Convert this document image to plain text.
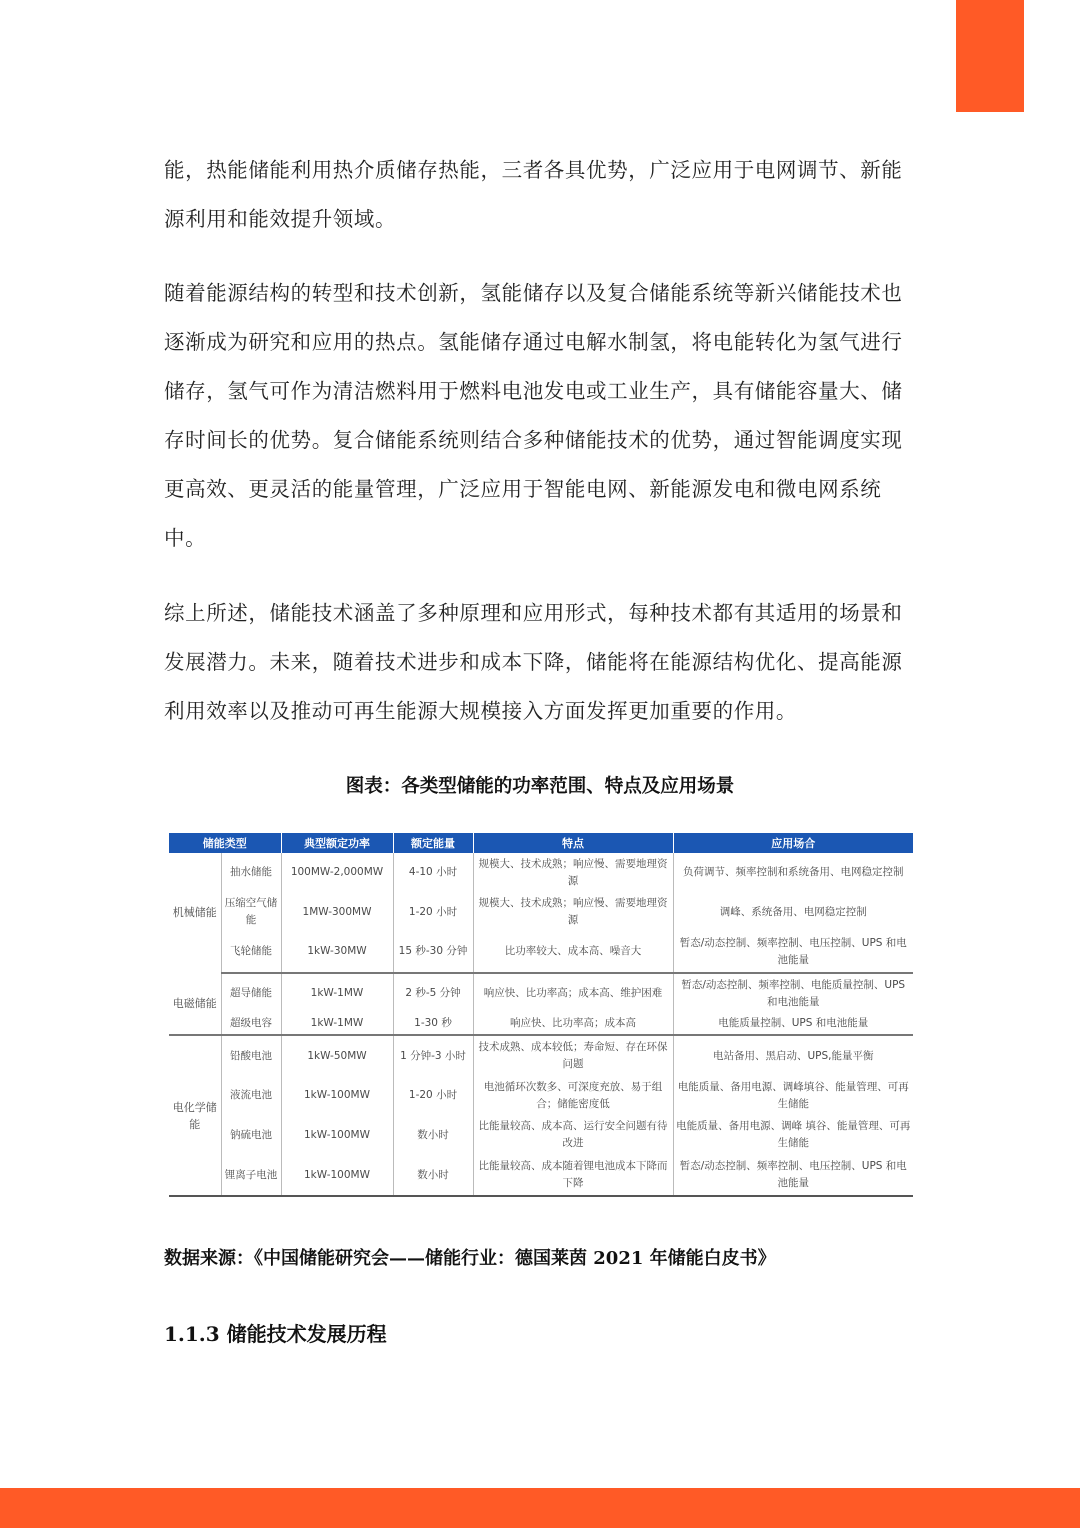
能，热能储能利用热介质储存热能，三者各具优势，广泛应用于电网调节、新能源利用和能效提升领域。

随着能源结构的转型和技术创新，氢能储存以及复合储能系统等新兴储能技术也逐渐成为研究和应用的热点。氢能储存通过电解水制氢，将电能转化为氢气进行储存，氢气可作为清洁燃料用于燃料电池发电或工业生产，具有储能容量大、储存时间长的优势。复合储能系统则结合多种储能技术的优势，通过智能调度实现更高效、更灵活的能量管理，广泛应用于智能电网、新能源发电和微电网系统中。

综上所述，储能技术涵盖了多种原理和应用形式，每种技术都有其适用的场景和发展潜力。未来，随着技术进步和成本下降，储能将在能源结构优化、提高能源利用效率以及推动可再生能源大规模接入方面发挥更加重要的作用。

图表：各类型储能的功率范围、特点及应用场景

储能类型		典型额定功率	额定能量	特点	应用场合
机械储能	抽水储能	100MW-2,000MW	4-10 小时	规模大、技术成熟；响应慢、需要地理资源	负荷调节、频率控制和系统备用、电网稳定控制
	压缩空气储能	1MW-300MW	1-20 小时	规模大、技术成熟；响应慢、需要地理资源	调峰、系统备用、电网稳定控制
	飞轮储能	1kW-30MW	15 秒-30 分钟	比功率较大、成本高、噪音大	暂态/动态控制、频率控制、电压控制、UPS 和电池能量
电磁储能	超导储能	1kW-1MW	2 秒-5 分钟	响应快、比功率高；成本高、维护困难	暂态/动态控制、频率控制、电能质量控制、UPS 和电池能量
	超级电容	1kW-1MW	1-30 秒	响应快、比功率高；成本高	电能质量控制、UPS 和电池能量
电化学储能	铅酸电池	1kW-50MW	1 分钟-3 小时	技术成熟、成本较低；寿命短、存在环保问题	电站备用、黑启动、UPS,能量平衡
	液流电池	1kW-100MW	1-20 小时	电池循环次数多、可深度充放、易于组合；储能密度低	电能质量、备用电源、调峰填谷、能量管理、可再生储能
	钠硫电池	1kW-100MW	数小时	比能量较高、成本高、运行安全问题有待改进	电能质量、备用电源、调峰 填谷、能量管理、可再生储能
	锂离子电池	1kW-100MW	数小时	比能量较高、成本随着锂电池成本下降而下降	暂态/动态控制、频率控制、电压控制、UPS 和电池能量

数据来源：《中国储能研究会——储能行业：德国莱茵 2021 年储能白皮书》

1.1.3 储能技术发展历程
